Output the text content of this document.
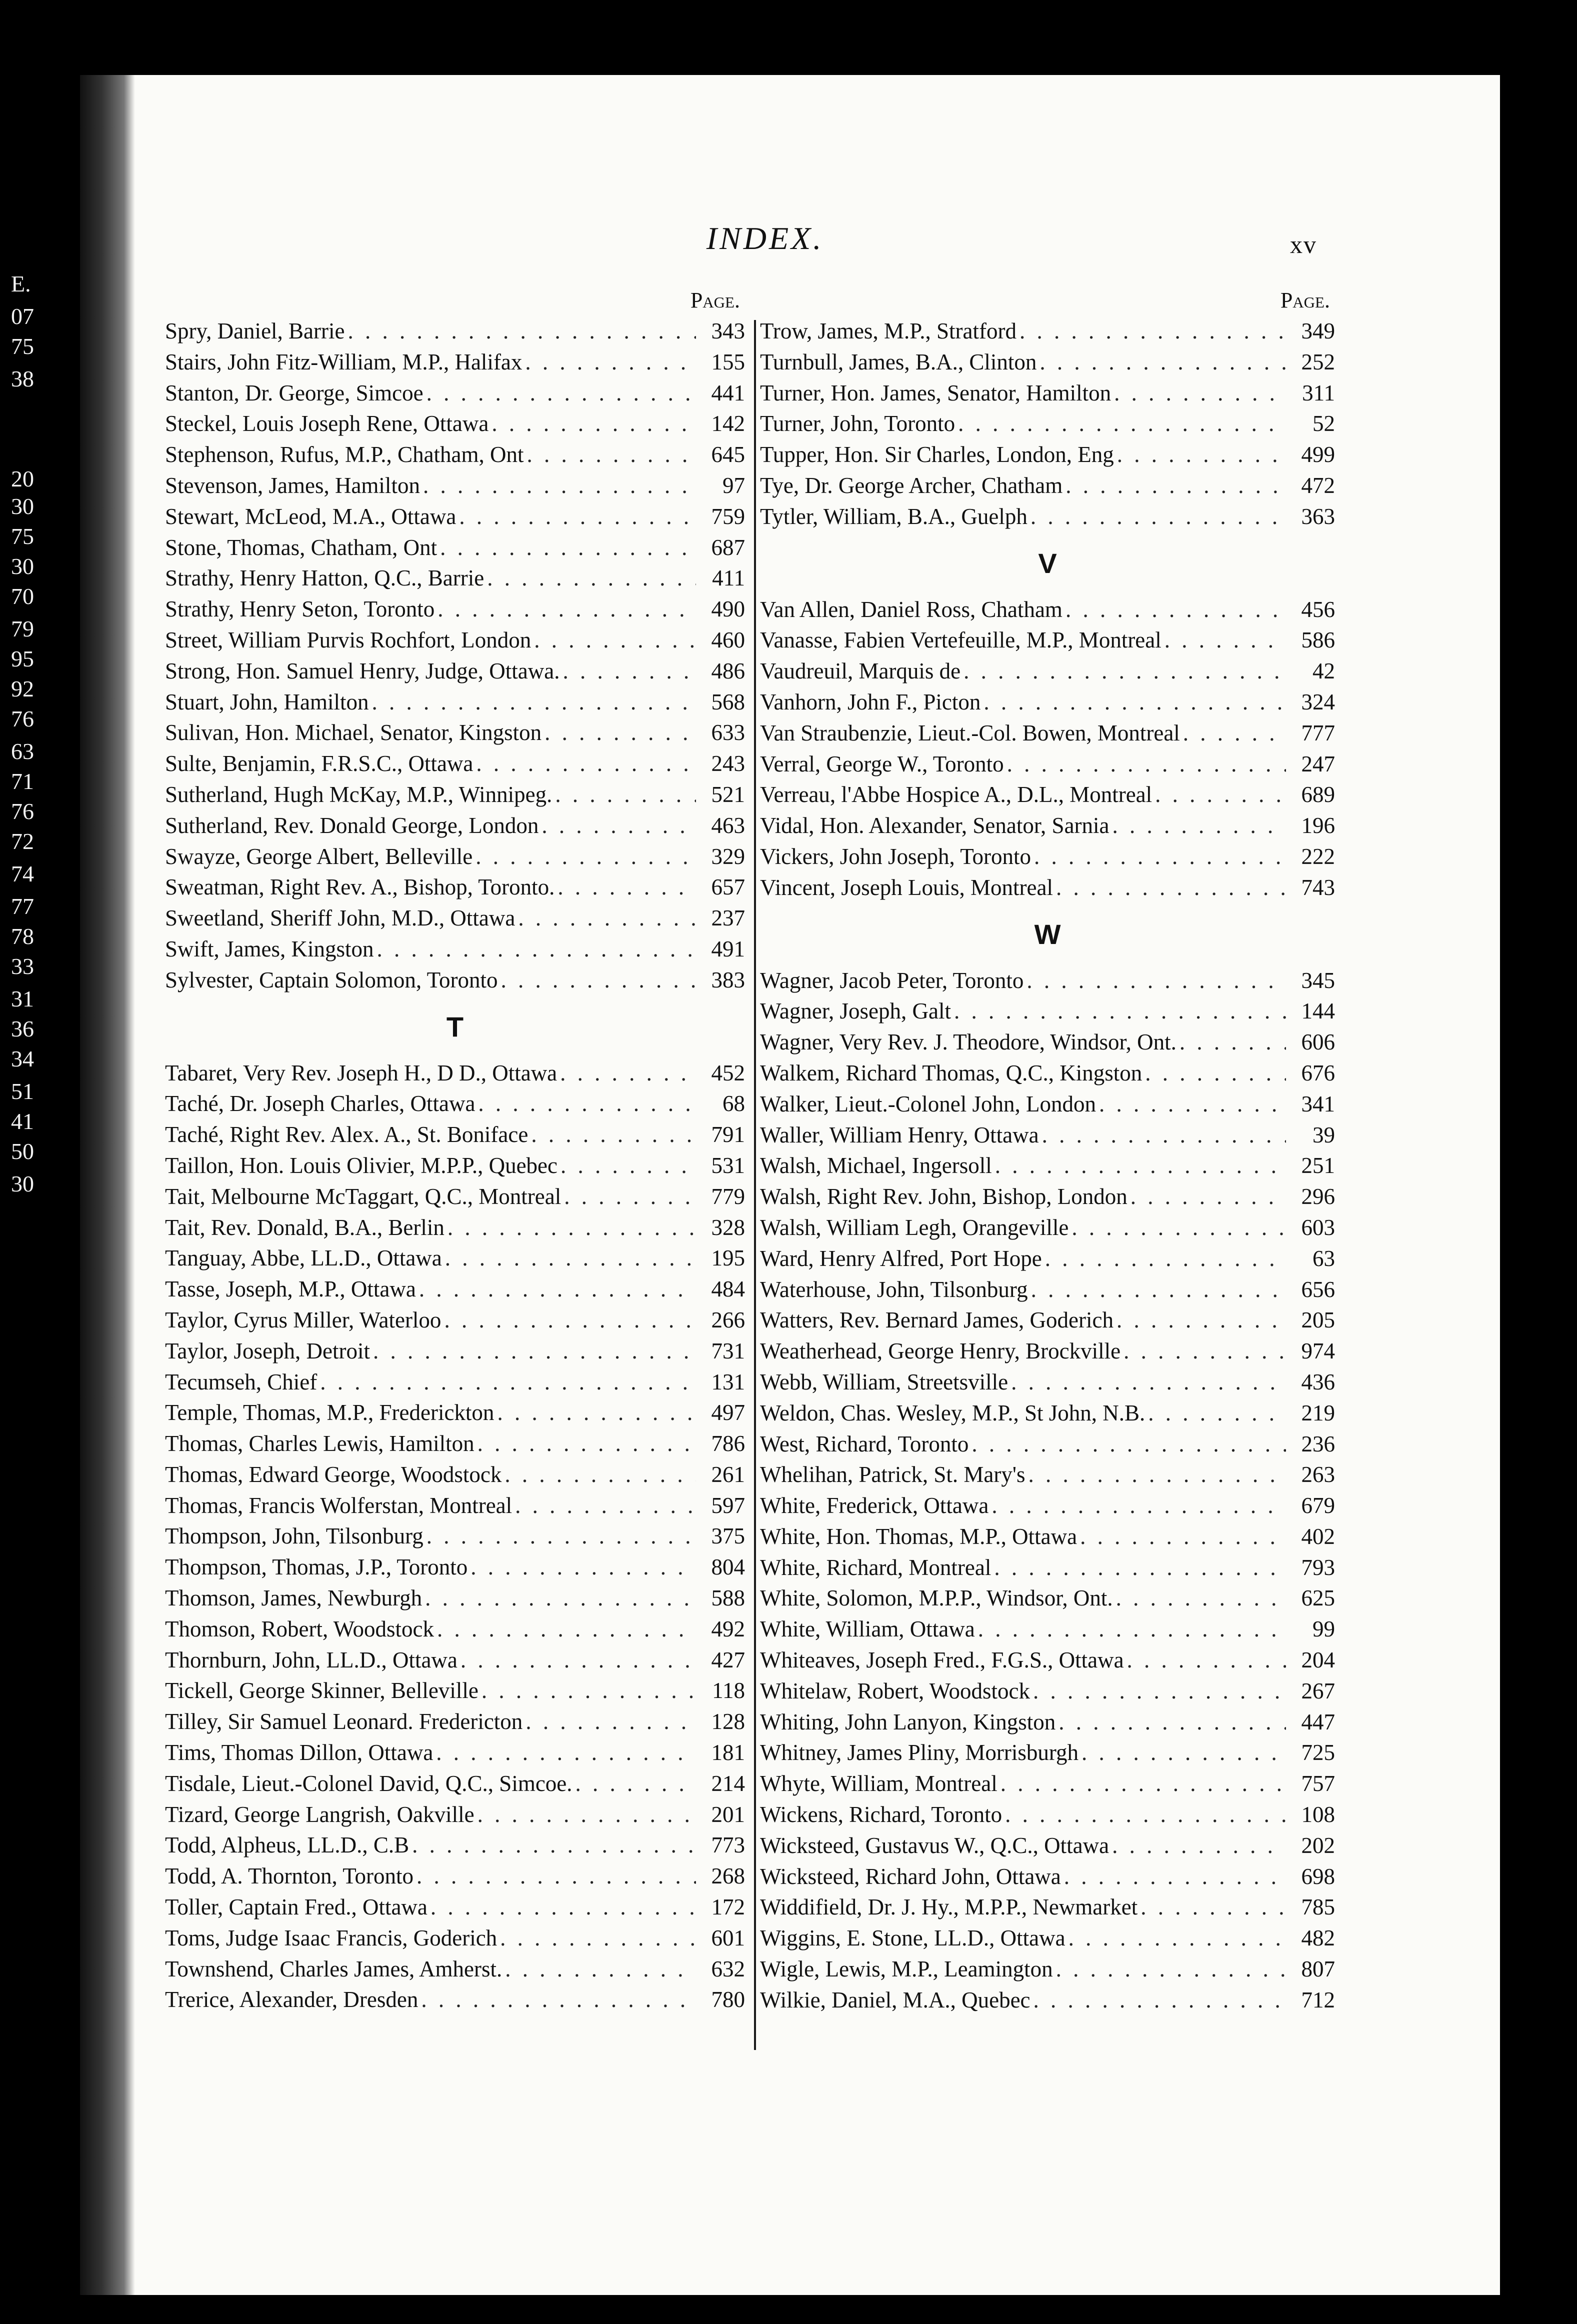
E.
07
75
38
20
30
75
30
70
79
95
92
76
63
71
76
72
74
77
78
33
31
36
34
51
41
50
30
INDEX.	xv
Page.
Spry, Daniel, Barrie . . .	343
Stairs, John Fitz-William, M.P., Halifax . . .	155
Stanton, Dr. George, Simcoe . . .	441
Steckel, Louis Joseph Rene, Ottawa . . .	142
Stephenson, Rufus, M.P., Chatham, Ont . . .	645
Stevenson, James, Hamilton . . .	97
Stewart, McLeod, M.A., Ottawa . . .	759
Stone, Thomas, Chatham, Ont . . .	687
Strathy, Henry Hatton, Q.C., Barrie . . .	411
Strathy, Henry Seton, Toronto . . .	490
Street, William Purvis Rochfort, London . . .	460
Strong, Hon. Samuel Henry, Judge, Ottawa. . . .	486
Stuart, John, Hamilton . . .	568
Sulivan, Hon. Michael, Senator, Kingston . . .	633
Sulte, Benjamin, F.R.S.C., Ottawa . . .	243
Sutherland, Hugh McKay, M.P., Winnipeg. . . .	521
Sutherland, Rev. Donald George, London . . .	463
Swayze, George Albert, Belleville . . .	329
Sweatman, Right Rev. A., Bishop, Toronto. . . .	657
Sweetland, Sheriff John, M.D., Ottawa . . .	237
Swift, James, Kingston . . .	491
Sylvester, Captain Solomon, Toronto . . .	383
T
Tabaret, Very Rev. Joseph H., D D., Ottawa . . .	452
Taché, Dr. Joseph Charles, Ottawa . . .	68
Taché, Right Rev. Alex. A., St. Boniface . . .	791
Taillon, Hon. Louis Olivier, M.P.P., Quebec . . .	531
Tait, Melbourne McTaggart, Q.C., Montreal . . .	779
Tait, Rev. Donald, B.A., Berlin . . .	328
Tanguay, Abbe, LL.D., Ottawa . . .	195
Tasse, Joseph, M.P., Ottawa . . .	484
Taylor, Cyrus Miller, Waterloo . . .	266
Taylor, Joseph, Detroit . . .	731
Tecumseh, Chief . . .	131
Temple, Thomas, M.P., Frederickton . . .	497
Thomas, Charles Lewis, Hamilton . . .	786
Thomas, Edward George, Woodstock . . .	261
Thomas, Francis Wolferstan, Montreal . . .	597
Thompson, John, Tilsonburg . . .	375
Thompson, Thomas, J.P., Toronto . . .	804
Thomson, James, Newburgh . . .	588
Thomson, Robert, Woodstock . . .	492
Thornburn, John, LL.D., Ottawa . . .	427
Tickell, George Skinner, Belleville . . .	118
Tilley, Sir Samuel Leonard. Fredericton . . .	128
Tims, Thomas Dillon, Ottawa . . .	181
Tisdale, Lieut.-Colonel David, Q.C., Simcoe. . . .	214
Tizard, George Langrish, Oakville . . .	201
Todd, Alpheus, LL.D., C.B . . .	773
Todd, A. Thornton, Toronto . . .	268
Toller, Captain Fred., Ottawa . . .	172
Toms, Judge Isaac Francis, Goderich . . .	601
Townshend, Charles James, Amherst. . . .	632
Trerice, Alexander, Dresden . . .	780
Page.
Trow, James, M.P., Stratford . . .	349
Turnbull, James, B.A., Clinton . . .	252
Turner, Hon. James, Senator, Hamilton . . .	311
Turner, John, Toronto . . .	52
Tupper, Hon. Sir Charles, London, Eng . . .	499
Tye, Dr. George Archer, Chatham . . .	472
Tytler, William, B.A., Guelph . . .	363
V
Van Allen, Daniel Ross, Chatham . . .	456
Vanasse, Fabien Vertefeuille, M.P., Montreal . . .	586
Vaudreuil, Marquis de . . .	42
Vanhorn, John F., Picton . . .	324
Van Straubenzie, Lieut.-Col. Bowen, Montreal . . .	777
Verral, George W., Toronto . . .	247
Verreau, l'Abbe Hospice A., D.L., Montreal . . .	689
Vidal, Hon. Alexander, Senator, Sarnia . . .	196
Vickers, John Joseph, Toronto . . .	222
Vincent, Joseph Louis, Montreal . . .	743
W
Wagner, Jacob Peter, Toronto . . .	345
Wagner, Joseph, Galt . . .	144
Wagner, Very Rev. J. Theodore, Windsor, Ont. . . .	606
Walkem, Richard Thomas, Q.C., Kingston . . .	676
Walker, Lieut.-Colonel John, London . . .	341
Waller, William Henry, Ottawa . . .	39
Walsh, Michael, Ingersoll . . .	251
Walsh, Right Rev. John, Bishop, London . . .	296
Walsh, William Legh, Orangeville . . .	603
Ward, Henry Alfred, Port Hope . . .	63
Waterhouse, John, Tilsonburg . . .	656
Watters, Rev. Bernard James, Goderich . . .	205
Weatherhead, George Henry, Brockville . . .	974
Webb, William, Streetsville . . .	436
Weldon, Chas. Wesley, M.P., St John, N.B. . . .	219
West, Richard, Toronto . . .	236
Whelihan, Patrick, St. Mary's . . .	263
White, Frederick, Ottawa . . .	679
White, Hon. Thomas, M.P., Ottawa . . .	402
White, Richard, Montreal . . .	793
White, Solomon, M.P.P., Windsor, Ont. . . .	625
White, William, Ottawa . . .	99
Whiteaves, Joseph Fred., F.G.S., Ottawa . . .	204
Whitelaw, Robert, Woodstock . . .	267
Whiting, John Lanyon, Kingston . . .	447
Whitney, James Pliny, Morrisburgh . . .	725
Whyte, William, Montreal . . .	757
Wickens, Richard, Toronto . . .	108
Wicksteed, Gustavus W., Q.C., Ottawa . . .	202
Wicksteed, Richard John, Ottawa . . .	698
Widdifield, Dr. J. Hy., M.P.P., Newmarket . . .	785
Wiggins, E. Stone, LL.D., Ottawa . . .	482
Wigle, Lewis, M.P., Leamington . . .	807
Wilkie, Daniel, M.A., Quebec . . .	712
